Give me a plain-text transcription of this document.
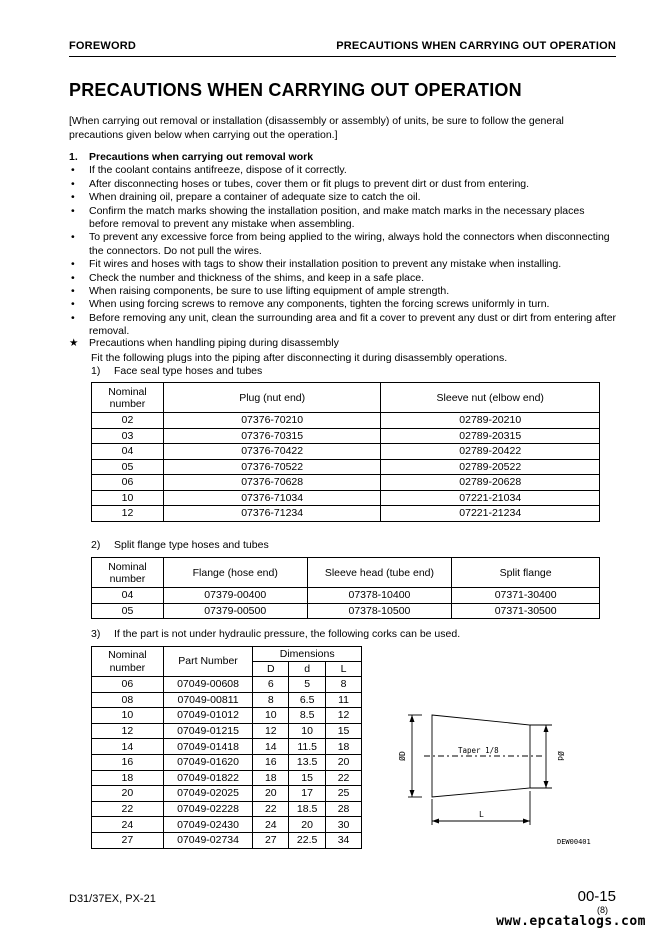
FOREWORD	PRECAUTIONS WHEN CARRYING OUT OPERATION
PRECAUTIONS WHEN CARRYING OUT OPERATION
[When carrying out removal or installation (disassembly or assembly) of units, be sure to follow the general precautions given below when carrying out the operation.]
1. Precautions when carrying out removal work
• If the coolant contains antifreeze, dispose of it correctly.
• After disconnecting hoses or tubes, cover them or fit plugs to prevent dirt or dust from entering.
• When draining oil, prepare a container of adequate size to catch the oil.
• Confirm the match marks showing the installation position, and make match marks in the necessary places before removal to prevent any mistake when assembling.
• To prevent any excessive force from being applied to the wiring, always hold the connectors when disconnecting the connectors. Do not pull the wires.
• Fit wires and hoses with tags to show their installation position to prevent any mistake when installing.
• Check the number and thickness of the shims, and keep in a safe place.
• When raising components, be sure to use lifting equipment of ample strength.
• When using forcing screws to remove any components, tighten the forcing screws uniformly in turn.
• Before removing any unit, clean the surrounding area and fit a cover to prevent any dust or dirt from entering after removal.
★ Precautions when handling piping during disassembly
Fit the following plugs into the piping after disconnecting it during disassembly operations.
1) Face seal type hoses and tubes
Nominal number	Plug (nut end)	Sleeve nut (elbow end)
02	07376-70210	02789-20210
03	07376-70315	02789-20315
04	07376-70422	02789-20422
05	07376-70522	02789-20522
06	07376-70628	02789-20628
10	07376-71034	07221-21034
12	07376-71234	07221-21234
2) Split flange type hoses and tubes
Nominal number	Flange (hose end)	Sleeve head (tube end)	Split flange
04	07379-00400	07378-10400	07371-30400
05	07379-00500	07378-10500	07371-30500
3) If the part is not under hydraulic pressure, the following corks can be used.
Nominal number	Part Number	Dimensions		
		D	d	L
06	07049-00608	6	5	8
08	07049-00811	8	6.5	11
10	07049-01012	10	8.5	12
12	07049-01215	12	10	15
14	07049-01418	14	11.5	18
16	07049-01620	16	13.5	20
18	07049-01822	18	15	22
20	07049-02025	20	17	25
22	07049-02228	22	18.5	28
24	07049-02430	24	20	30
27	07049-02734	27	22.5	34
Taper 1/8
ØD	Ød
L
DEW00401
D31/37EX, PX-21	00-15
(8)
www.epcatalogs.com
